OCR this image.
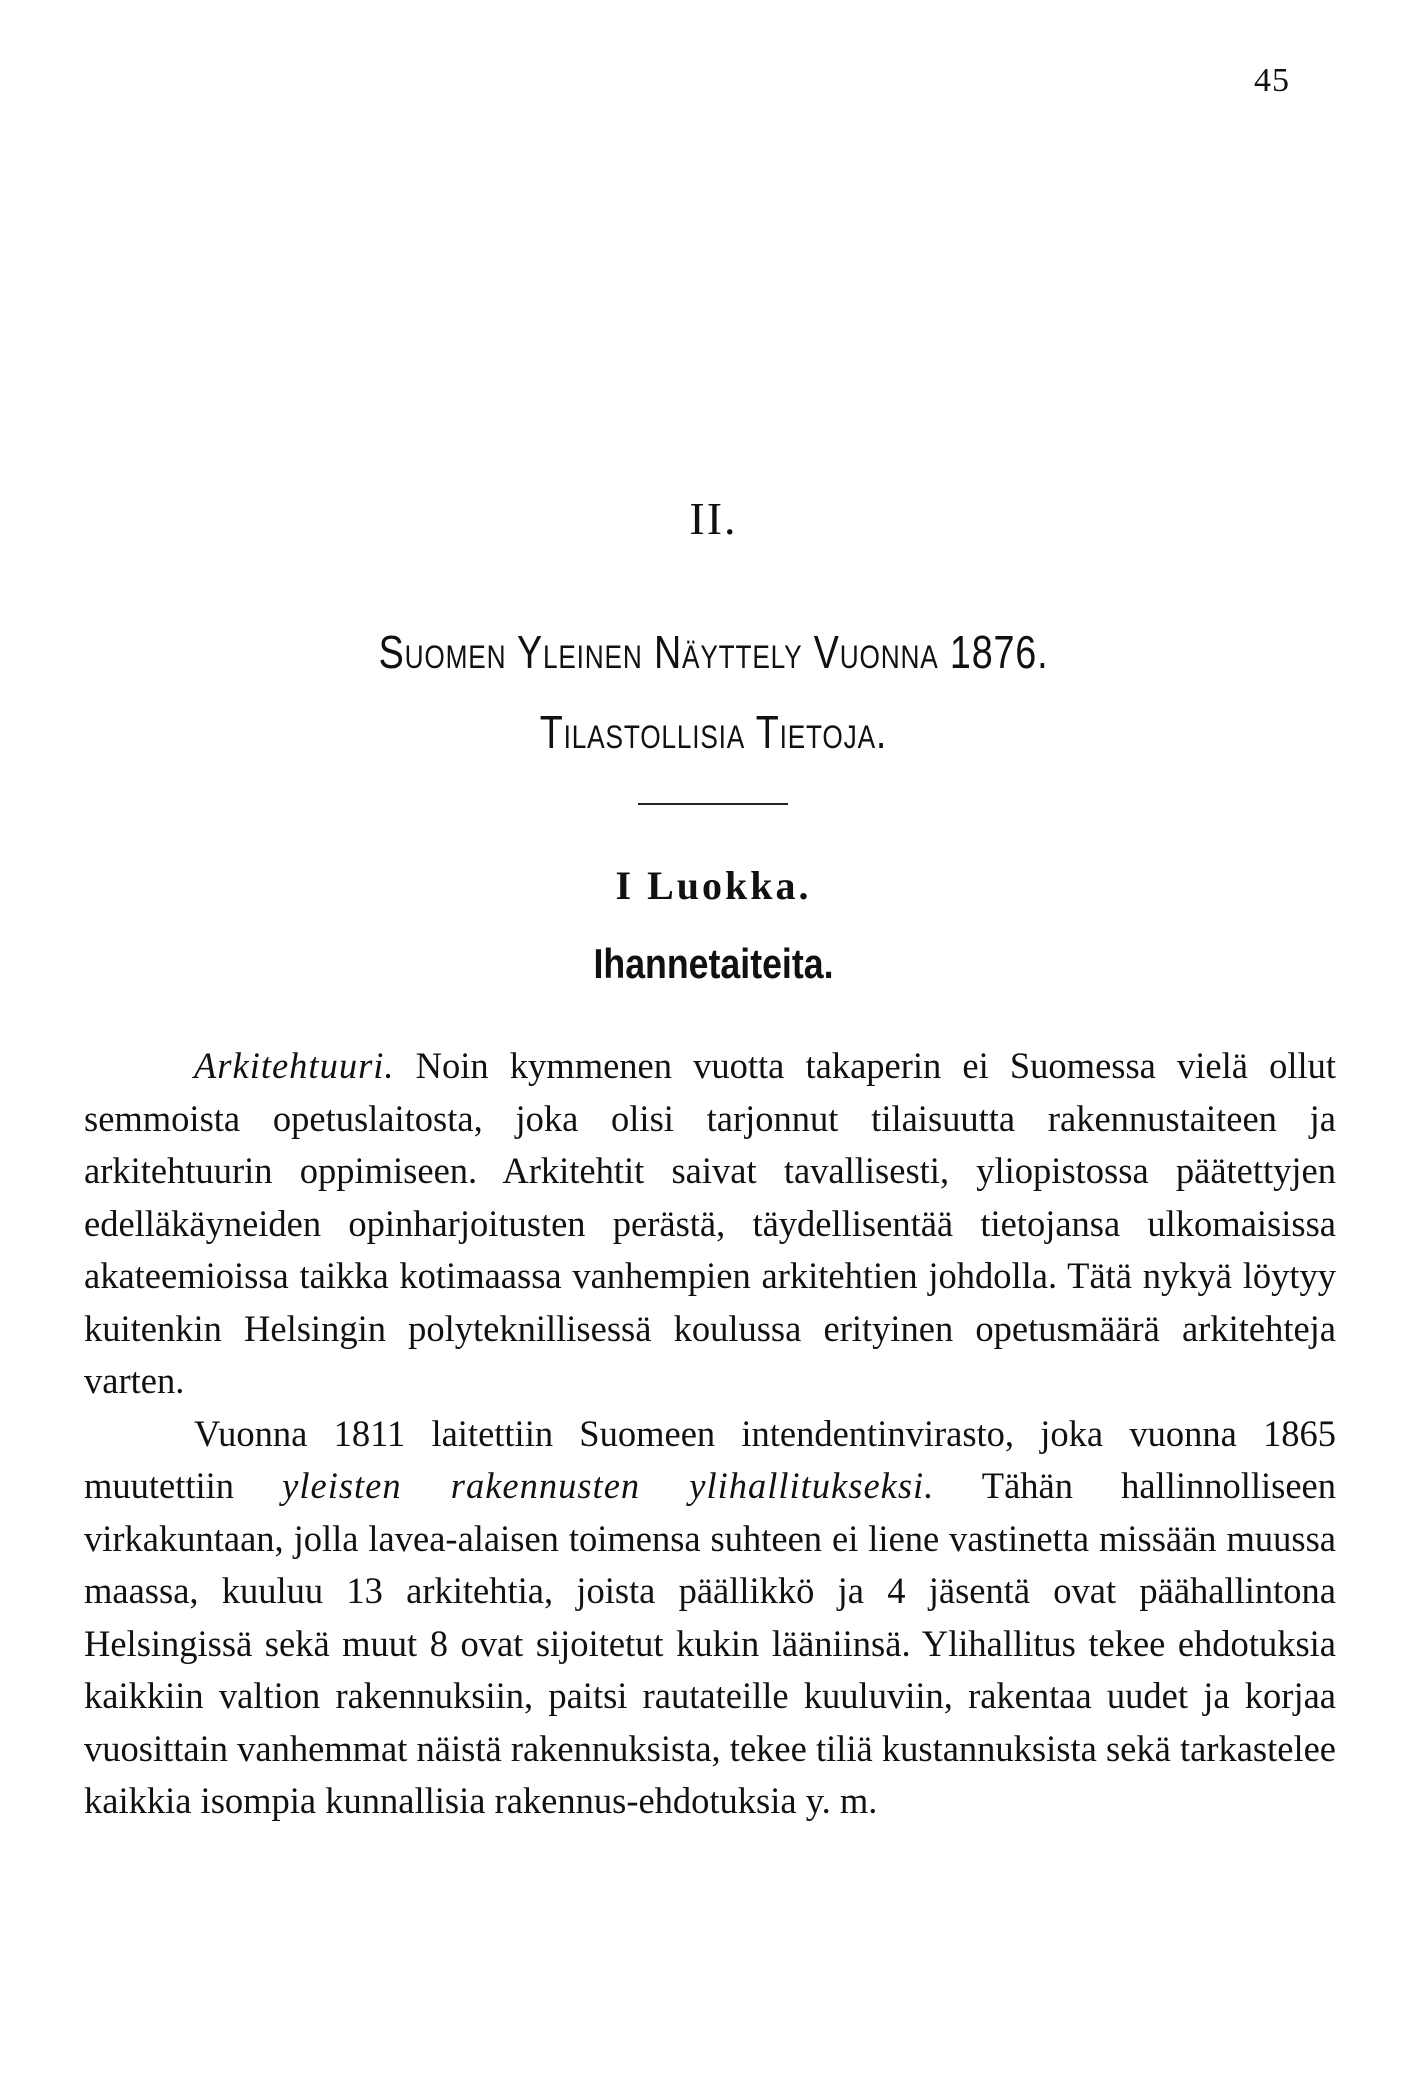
45
II.
Suomen Yleinen Näyttely Vuonna 1876.
Tilastollisia Tietoja.
I Luokka.
Ihannetaiteita.

Arkitehtuuri. Noin kymmenen vuotta takaperin ei Suomessa vielä ollut semmoista opetuslaitosta, joka olisi tarjonnut tilaisuutta rakennustaiteen ja arkitehtuurin oppimiseen. Arkitehtit saivat tavallisesti, yliopistossa päätettyjen edelläkäyneiden opinharjoitusten perästä, täydellisentää tietojansa ulkomaisissa akateemioissa taikka kotimaassa vanhempien arkitehtien johdolla. Tätä nykyä löytyy kuitenkin Helsingin polyteknillisessä koulussa erityinen opetusmäärä arkitehteja varten.

Vuonna 1811 laitettiin Suomeen intendentinvirasto, joka vuonna 1865 muutettiin yleisten rakennusten ylihallitukseksi. Tähän hallinnolliseen virkakuntaan, jolla lavea-alaisen toimensa suhteen ei liene vastinetta missään muussa maassa, kuuluu 13 arkitehtia, joista päällikkö ja 4 jäsentä ovat päähallintona Helsingissä sekä muut 8 ovat sijoitetut kukin lääniinsä. Ylihallitus tekee ehdotuksia kaikkiin valtion rakennuksiin, paitsi rautateille kuuluviin, rakentaa uudet ja korjaa vuosittain vanhemmat näistä rakennuksista, tekee tiliä kustannuksista sekä tarkastelee kaikkia isompia kunnallisia rakennus-ehdotuksia y. m.
